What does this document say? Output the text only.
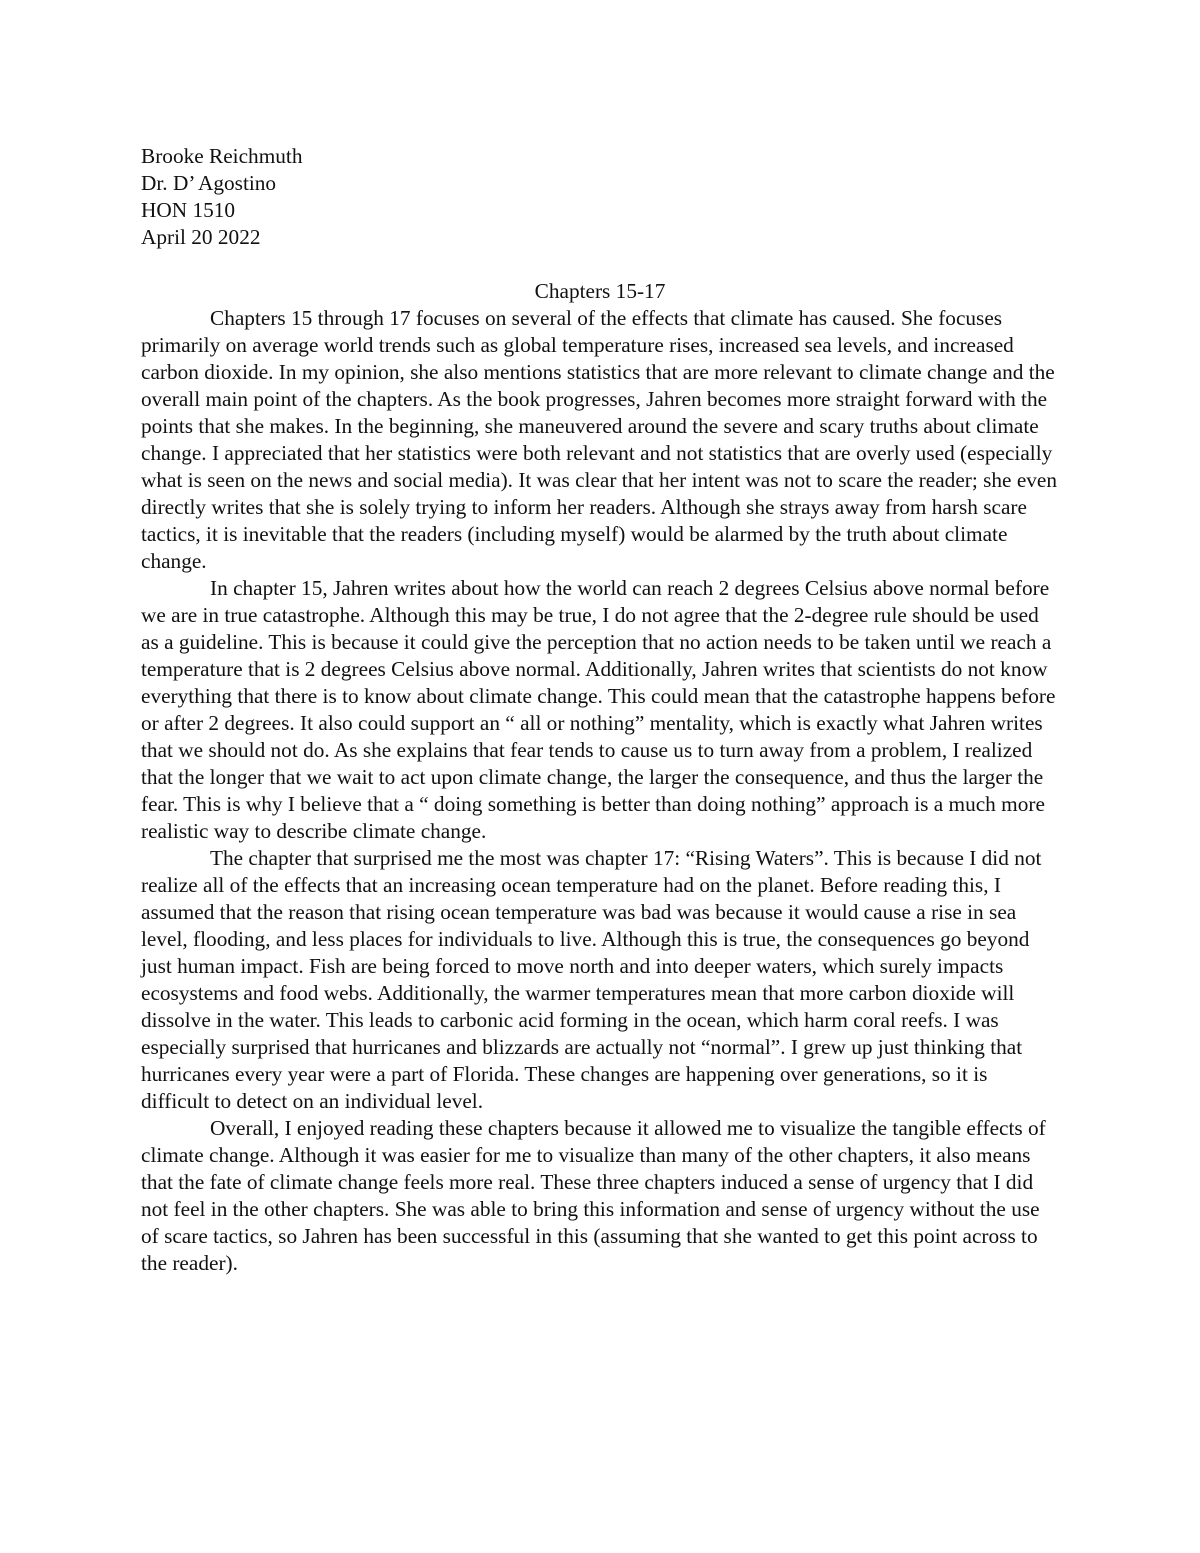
Brooke Reichmuth
Dr. D’ Agostino
HON 1510
April 20 2022
Chapters 15-17

Chapters 15 through 17 focuses on several of the effects that climate has caused. She focuses primarily on average world trends such as global temperature rises, increased sea levels, and increased carbon dioxide. In my opinion, she also mentions statistics that are more relevant to climate change and the overall main point of the chapters. As the book progresses, Jahren becomes more straight forward with the points that she makes. In the beginning, she maneuvered around the severe and scary truths about climate change. I appreciated that her statistics were both relevant and not statistics that are overly used (especially what is seen on the news and social media). It was clear that her intent was not to scare the reader; she even directly writes that she is solely trying to inform her readers. Although she strays away from harsh scare tactics, it is inevitable that the readers (including myself) would be alarmed by the truth about climate change.

In chapter 15, Jahren writes about how the world can reach 2 degrees Celsius above normal before we are in true catastrophe. Although this may be true, I do not agree that the 2-degree rule should be used as a guideline. This is because it could give the perception that no action needs to be taken until we reach a temperature that is 2 degrees Celsius above normal. Additionally, Jahren writes that scientists do not know everything that there is to know about climate change. This could mean that the catastrophe happens before or after 2 degrees. It also could support an “ all or nothing” mentality, which is exactly what Jahren writes that we should not do. As she explains that fear tends to cause us to turn away from a problem, I realized that the longer that we wait to act upon climate change, the larger the consequence, and thus the larger the fear. This is why I believe that a “ doing something is better than doing nothing” approach is a much more realistic way to describe climate change.

The chapter that surprised me the most was chapter 17: “Rising Waters”. This is because I did not realize all of the effects that an increasing ocean temperature had on the planet. Before reading this, I assumed that the reason that rising ocean temperature was bad was because it would cause a rise in sea level, flooding, and less places for individuals to live. Although this is true, the consequences go beyond just human impact. Fish are being forced to move north and into deeper waters, which surely impacts ecosystems and food webs. Additionally, the warmer temperatures mean that more carbon dioxide will dissolve in the water. This leads to carbonic acid forming in the ocean, which harm coral reefs. I was especially surprised that hurricanes and blizzards are actually not “normal”. I grew up just thinking that hurricanes every year were a part of Florida. These changes are happening over generations, so it is difficult to detect on an individual level.

Overall, I enjoyed reading these chapters because it allowed me to visualize the tangible effects of climate change. Although it was easier for me to visualize than many of the other chapters, it also means that the fate of climate change feels more real. These three chapters induced a sense of urgency that I did not feel in the other chapters. She was able to bring this information and sense of urgency without the use of scare tactics, so Jahren has been successful in this (assuming that she wanted to get this point across to the reader).
